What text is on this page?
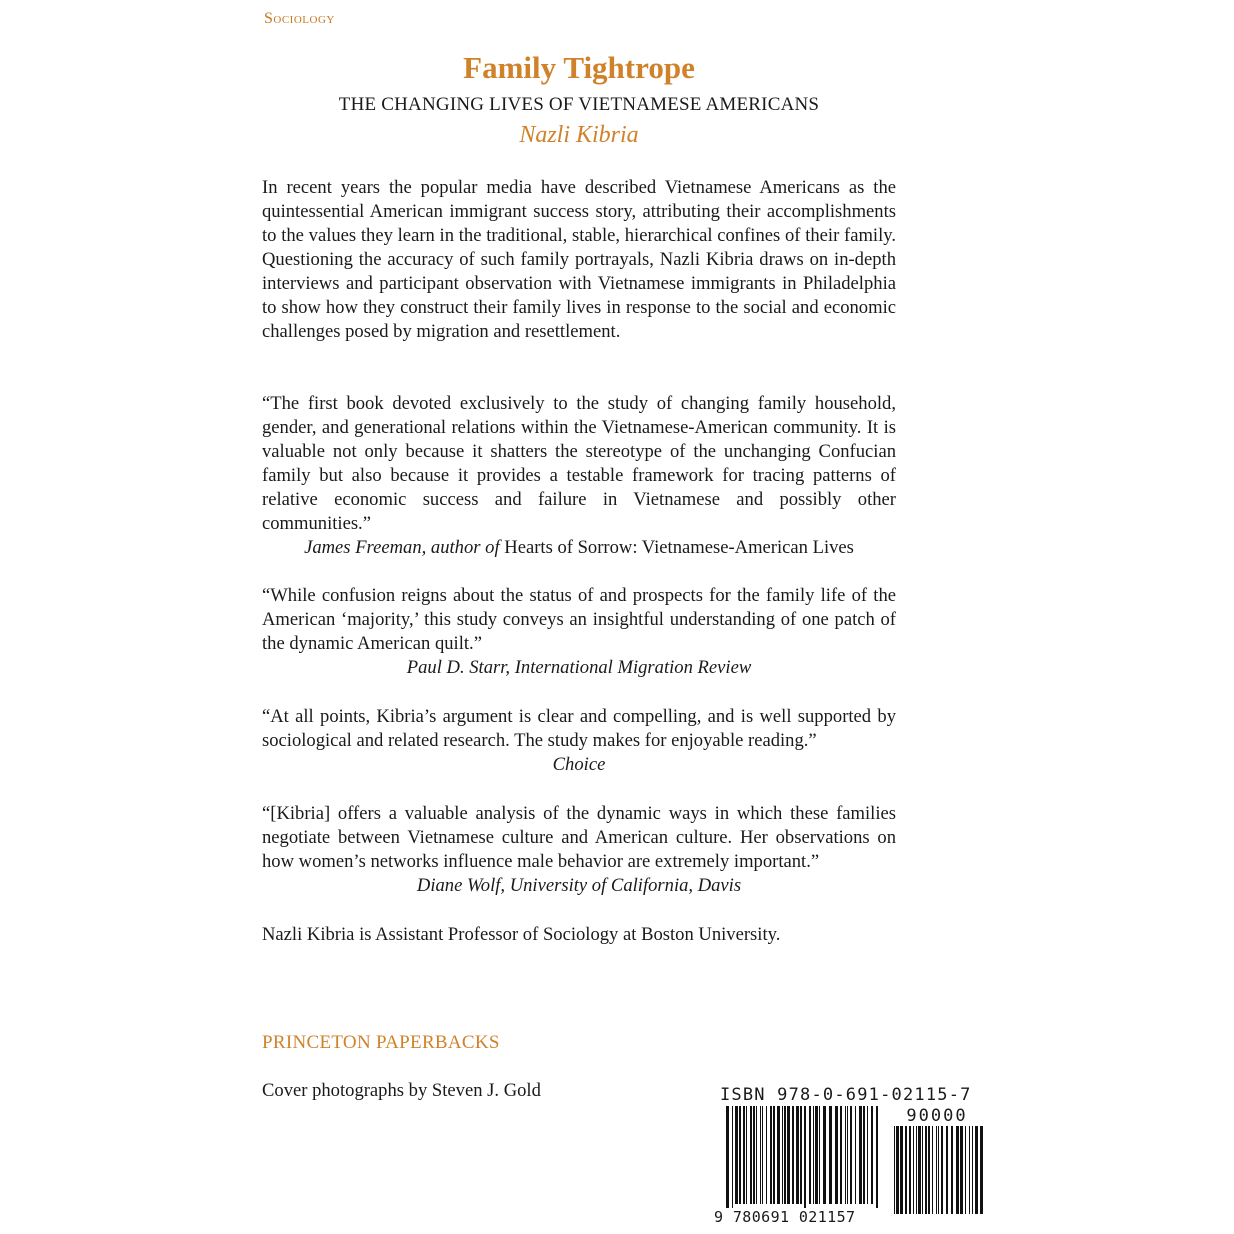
Sociology
Family Tightrope
THE CHANGING LIVES OF VIETNAMESE AMERICANS
Nazli Kibria
In recent years the popular media have described Vietnamese Americans as the quintessential American immigrant success story, attributing their accomplishments to the values they learn in the traditional, stable, hierarchical confines of their family. Questioning the accuracy of such family portrayals, Nazli Kibria draws on in-depth interviews and participant observation with Vietnamese immigrants in Philadelphia to show how they construct their family lives in response to the social and economic challenges posed by migration and resettlement.
“The first book devoted exclusively to the study of changing family household, gender, and generational relations within the Vietnamese-American community. It is valuable not only because it shatters the stereotype of the unchanging Confucian family but also because it provides a testable framework for tracing patterns of relative economic success and failure in Vietnamese and possibly other communities.”
James Freeman, author of Hearts of Sorrow: Vietnamese-American Lives
“While confusion reigns about the status of and prospects for the family life of the American ‘majority,’ this study conveys an insightful understanding of one patch of the dynamic American quilt.”
Paul D. Starr, International Migration Review
“At all points, Kibria’s argument is clear and compelling, and is well supported by sociological and related research. The study makes for enjoyable reading.”
Choice
“[Kibria] offers a valuable analysis of the dynamic ways in which these families negotiate between Vietnamese culture and American culture. Her observations on how women’s networks influence male behavior are extremely important.”
Diane Wolf, University of California, Davis
Nazli Kibria is Assistant Professor of Sociology at Boston University.
PRINCETON PAPERBACKS
Cover photographs by Steven J. Gold	ISBN 978-0-691-02115-7
90000
9 780691 021157
